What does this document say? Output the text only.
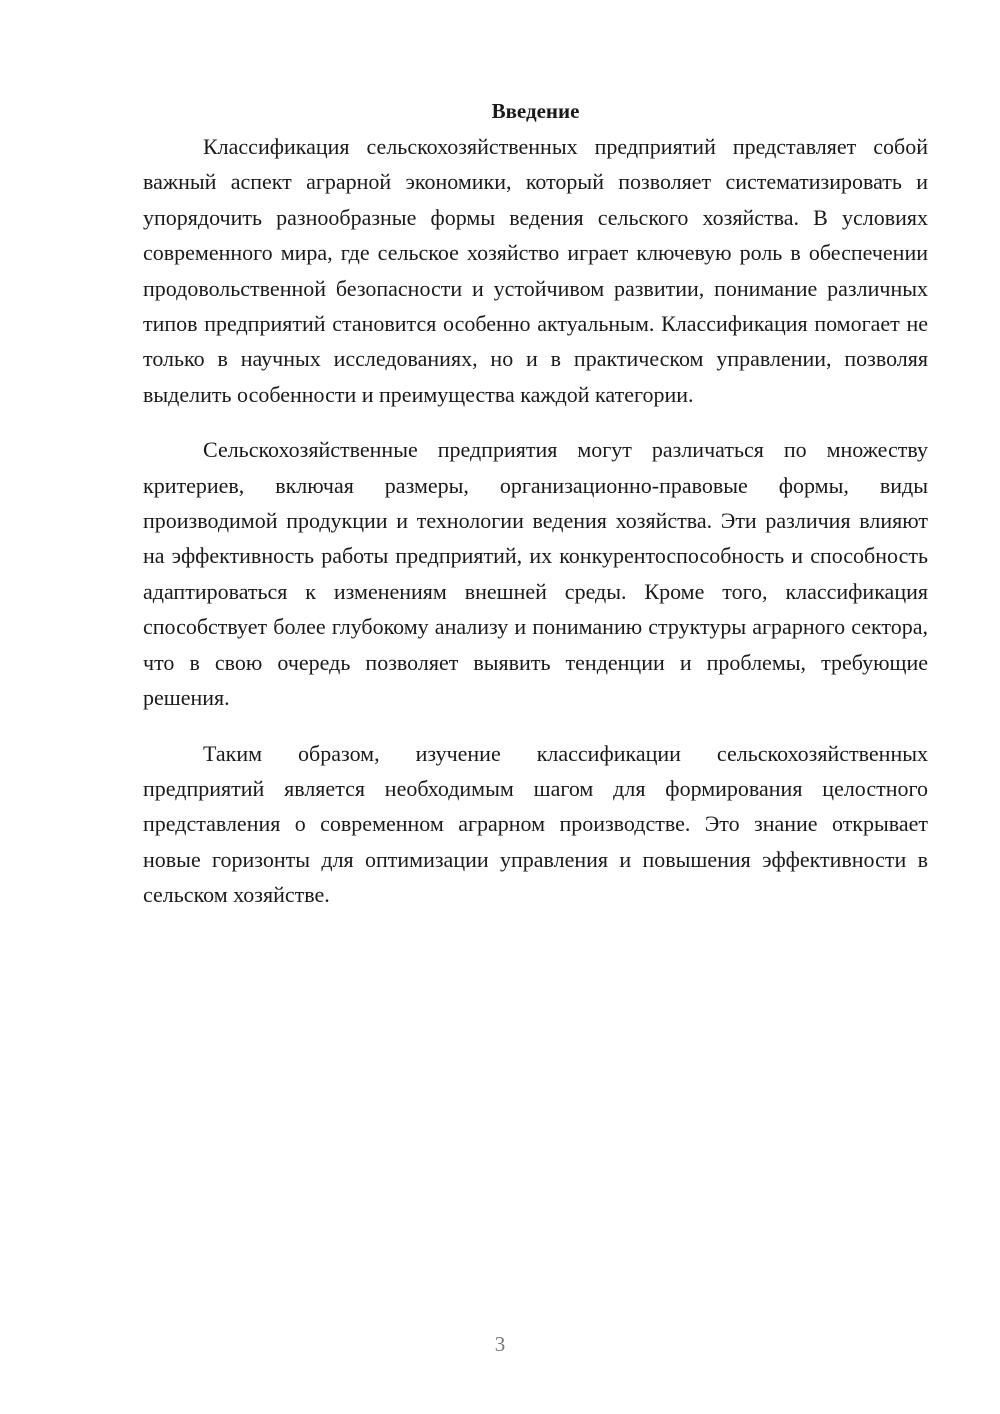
Введение

Классификация сельскохозяйственных предприятий представляет собой важный аспект аграрной экономики, который позволяет систематизировать и упорядочить разнообразные формы ведения сельского хозяйства. В условиях современного мира, где сельское хозяйство играет ключевую роль в обеспечении продовольственной безопасности и устойчивом развитии, понимание различных типов предприятий становится особенно актуальным. Классификация помогает не только в научных исследованиях, но и в практическом управлении, позволяя выделить особенности и преимущества каждой категории.

Сельскохозяйственные предприятия могут различаться по множеству критериев, включая размеры, организационно-правовые формы, виды производимой продукции и технологии ведения хозяйства. Эти различия влияют на эффективность работы предприятий, их конкурентоспособность и способность адаптироваться к изменениям внешней среды. Кроме того, классификация способствует более глубокому анализу и пониманию структуры аграрного сектора, что в свою очередь позволяет выявить тенденции и проблемы, требующие решения.

Таким образом, изучение классификации сельскохозяйственных предприятий является необходимым шагом для формирования целостного представления о современном аграрном производстве. Это знание открывает новые горизонты для оптимизации управления и повышения эффективности в сельском хозяйстве.

3
